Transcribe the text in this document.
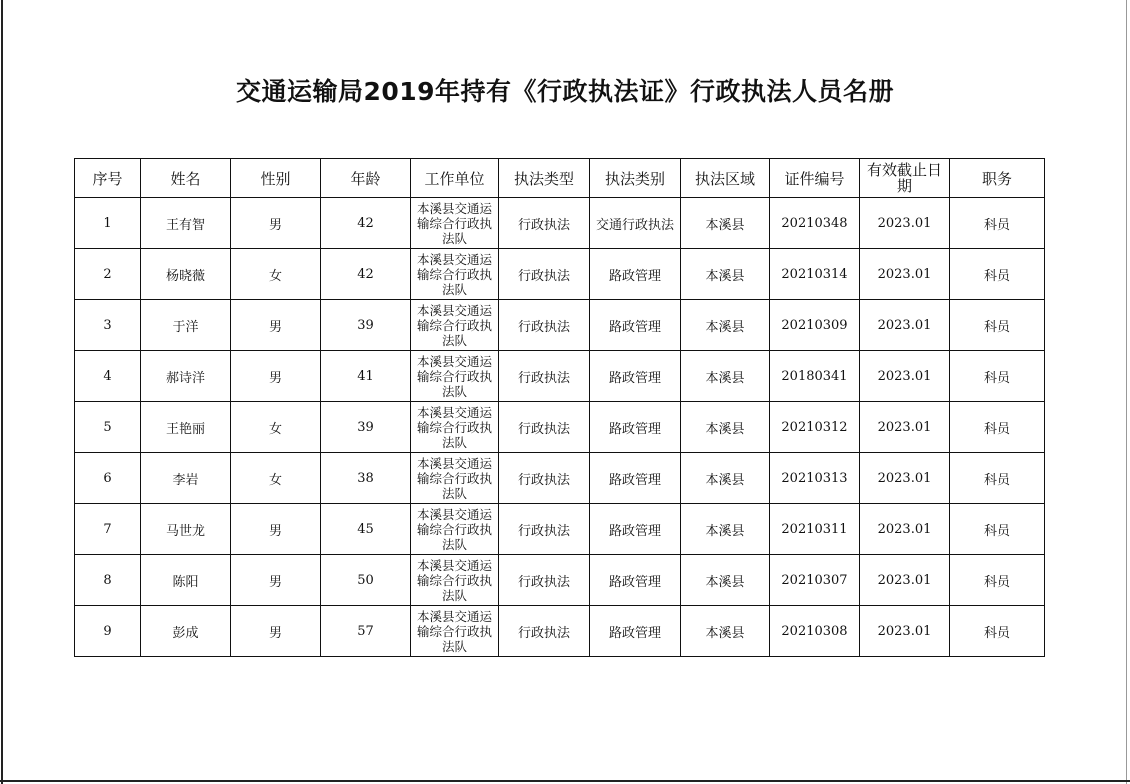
交通运输局2019年持有《行政执法证》行政执法人员名册
序号	姓名	性别	年龄	工作单位	执法类型	执法类别	执法区域	证件编号	有效截止日期	职务
1	王有智	男	42	本溪县交通运输综合行政执法队	行政执法	交通行政执法	本溪县	20210348	2023.01	科员
2	杨晓薇	女	42	本溪县交通运输综合行政执法队	行政执法	路政管理	本溪县	20210314	2023.01	科员
3	于洋	男	39	本溪县交通运输综合行政执法队	行政执法	路政管理	本溪县	20210309	2023.01	科员
4	郝诗洋	男	41	本溪县交通运输综合行政执法队	行政执法	路政管理	本溪县	20180341	2023.01	科员
5	王艳丽	女	39	本溪县交通运输综合行政执法队	行政执法	路政管理	本溪县	20210312	2023.01	科员
6	李岩	女	38	本溪县交通运输综合行政执法队	行政执法	路政管理	本溪县	20210313	2023.01	科员
7	马世龙	男	45	本溪县交通运输综合行政执法队	行政执法	路政管理	本溪县	20210311	2023.01	科员
8	陈阳	男	50	本溪县交通运输综合行政执法队	行政执法	路政管理	本溪县	20210307	2023.01	科员
9	彭成	男	57	本溪县交通运输综合行政执法队	行政执法	路政管理	本溪县	20210308	2023.01	科员
